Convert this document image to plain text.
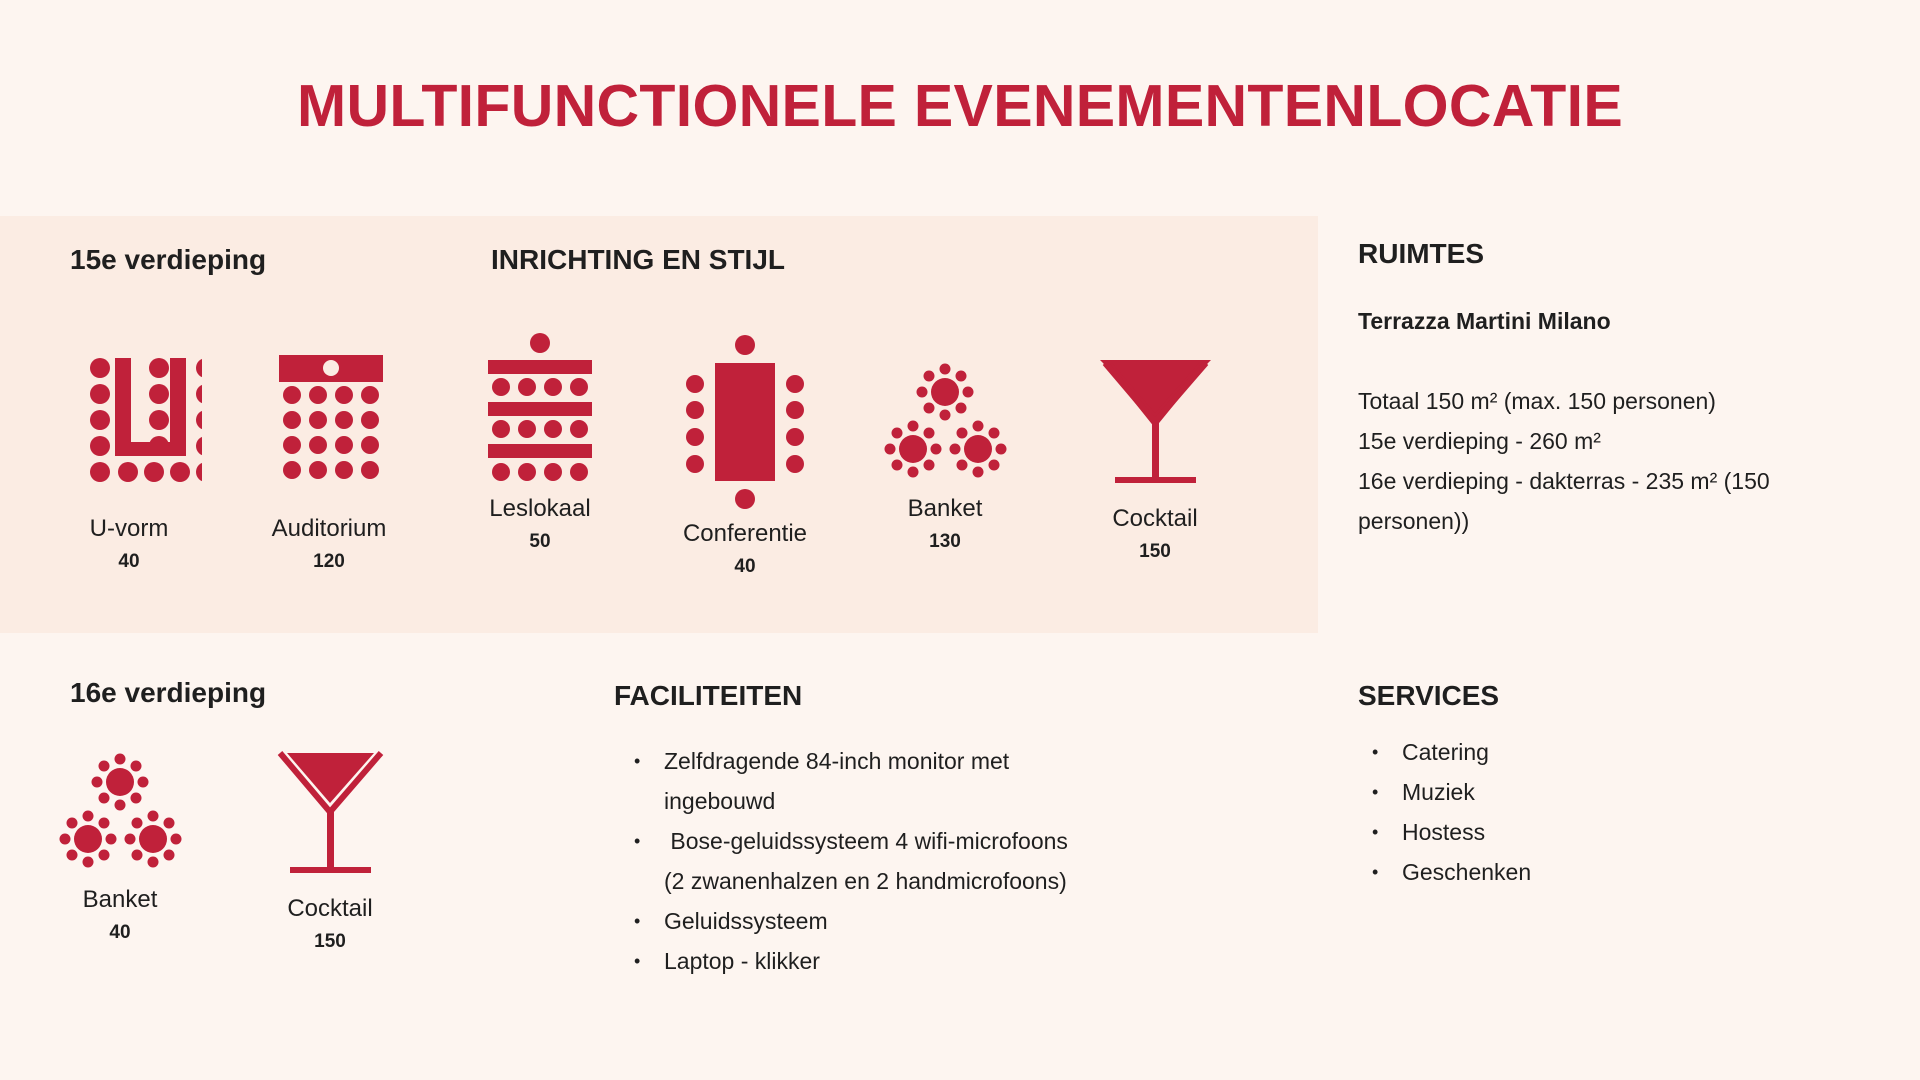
MULTIFUNCTIONELE EVENEMENTENLOCATIE
15e verdieping	INRICHTING EN STIJL
U-vorm
40
Auditorium
120
Leslokaal
50	Conferentie
40
Banket
130
Cocktail
150
16e verdieping
Banket
40
Cocktail
150
RUIMTES
Terrazza Martini Milano
Totaal 150 m² (max. 150 personen)
15e verdieping - 260 m²
16e verdieping - dakterras - 235 m² (150 personen))
FACILITEITEN
• Zelfdragende 84-inch monitor met ingebouwd
• Bose-geluidssysteem 4 wifi-microfoons (2 zwanenhalzen en 2 handmicrofoons)
• Geluidssysteem
• Laptop - klikker
SERVICES
• Catering
• Muziek
• Hostess
• Geschenken
